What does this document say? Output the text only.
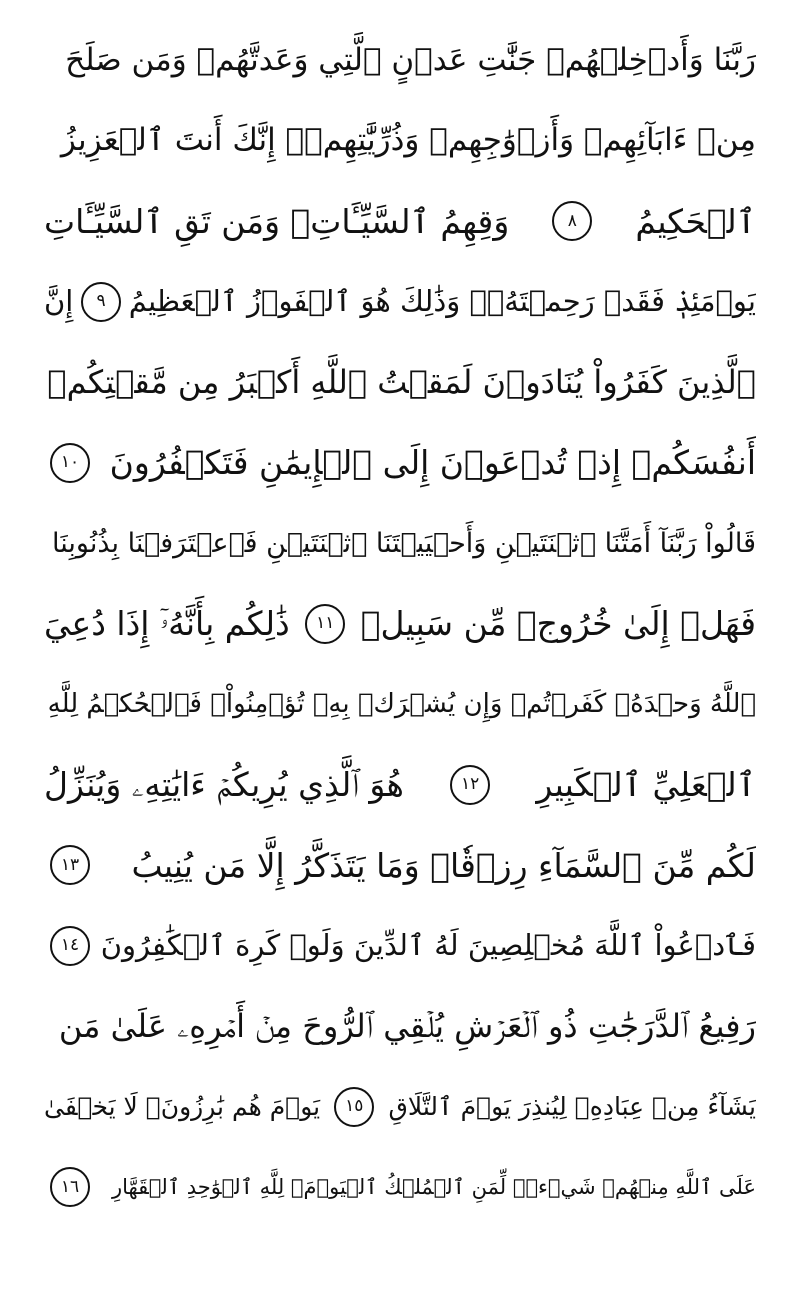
رَبَّنَا وَأَدۡخِلۡهُمۡ جَنَّٰتِ عَدۡنٍ ٱلَّتِي وَعَدتَّهُمۡ وَمَن صَلَحَ
مِنۡ ءَابَآئِهِمۡ وَأَزۡوَٰجِهِمۡ وَذُرِّيَّٰتِهِمۡۚ إِنَّكَ أَنتَ ٱلۡعَزِيزُ
ٱلۡحَكِيمُ
٨
وَقِهِمُ ٱلسَّيِّـَٔاتِۚ وَمَن تَقِ ٱلسَّيِّـَٔاتِ
يَوۡمَئِذٖ فَقَدۡ رَحِمۡتَهُۥۚ وَذَٰلِكَ هُوَ ٱلۡفَوۡزُ ٱلۡعَظِيمُ
٩
إِنَّ
ٱلَّذِينَ كَفَرُواْ يُنَادَوۡنَ لَمَقۡتُ ٱللَّهِ أَكۡبَرُ مِن مَّقۡتِكُمۡ
أَنفُسَكُمۡ إِذۡ تُدۡعَوۡنَ إِلَى ٱلۡإِيمَٰنِ فَتَكۡفُرُونَ
١٠
قَالُواْ رَبَّنَآ أَمَتَّنَا ٱثۡنَتَيۡنِ وَأَحۡيَيۡتَنَا ٱثۡنَتَيۡنِ فَٱعۡتَرَفۡنَا بِذُنُوبِنَا
فَهَلۡ إِلَىٰ خُرُوجٖ مِّن سَبِيلٖ
١١
ذَٰلِكُم بِأَنَّهُۥٓ إِذَا دُعِيَ
ٱللَّهُ وَحۡدَهُۥ كَفَرۡتُمۡ وَإِن يُشۡرَكۡ بِهِۦ تُؤۡمِنُواْۚ فَٱلۡحُكۡمُ لِلَّهِ
ٱلۡعَلِيِّ ٱلۡكَبِيرِ
١٢
هُوَ ٱلَّذِي يُرِيكُمۡ ءَايَٰتِهِۦ وَيُنَزِّلُ
لَكُم مِّنَ ٱلسَّمَآءِ رِزۡقٗاۚ وَمَا يَتَذَكَّرُ إِلَّا مَن يُنِيبُ
١٣
فَٱدۡعُواْ ٱللَّهَ مُخۡلِصِينَ لَهُ ٱلدِّينَ وَلَوۡ كَرِهَ ٱلۡكَٰفِرُونَ
١٤
رَفِيعُ ٱلدَّرَجَٰتِ ذُو ٱلۡعَرۡشِ يُلۡقِي ٱلرُّوحَ مِنۡ أَمۡرِهِۦ عَلَىٰ مَن
يَشَآءُ مِنۡ عِبَادِهِۦ لِيُنذِرَ يَوۡمَ ٱلتَّلَاقِ
١٥
يَوۡمَ هُم بَٰرِزُونَۖ لَا يَخۡفَىٰ
عَلَى ٱللَّهِ مِنۡهُمۡ شَيۡءٞۚ لِّمَنِ ٱلۡمُلۡكُ ٱلۡيَوۡمَۖ لِلَّهِ ٱلۡوَٰحِدِ ٱلۡقَهَّارِ
١٦
